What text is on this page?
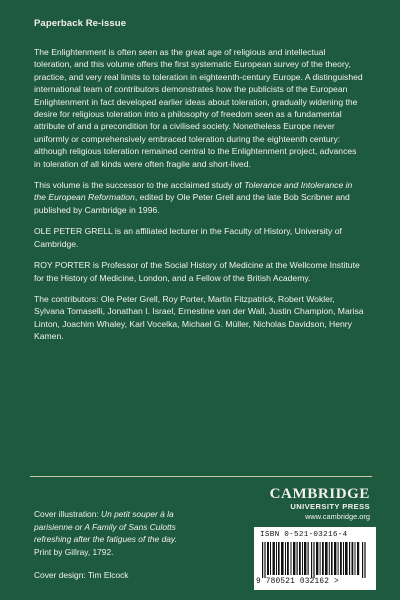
Paperback Re-issue

The Enlightenment is often seen as the great age of religious and intellectual toleration, and this volume offers the first systematic European survey of the theory, practice, and very real limits to toleration in eighteenth-century Europe. A distinguished international team of contributors demonstrates how the publicists of the European Enlightenment in fact developed earlier ideas about toleration, gradually widening the desire for religious toleration into a philosophy of freedom seen as a fundamental attribute of and a precondition for a civilised society. Nonetheless Europe never uniformly or comprehensively embraced toleration during the eighteenth century: although religious toleration remained central to the Enlightenment project, advances in toleration of all kinds were often fragile and short-lived.

This volume is the successor to the acclaimed study of Tolerance and Intolerance in the European Reformation, edited by Ole Peter Grell and the late Bob Scribner and published by Cambridge in 1996.

OLE PETER GRELL is an affiliated lecturer in the Faculty of History, University of Cambridge.

ROY PORTER is Professor of the Social History of Medicine at the Wellcome Institute for the History of Medicine, London, and a Fellow of the British Academy.

The contributors: Ole Peter Grell, Roy Porter, Martin Fitzpatrick, Robert Wokler, Sylvana Tomaselli, Jonathan I. Israel, Ernestine van der Wall, Justin Champion, Marisa Linton, Joachim Whaley, Karl Vocelka, Michael G. Müller, Nicholas Davidson, Henry Kamen.

Cover illustration: Un petit souper à la parisienne or A Family of Sans Culotts refreshing after the fatigues of the day.
Print by Gillray, 1792.
Cover design: Tim Elcock
CAMBRIDGE
UNIVERSITY PRESS
www.cambridge.org
ISBN 0-521-03216-4
9 780521 032162 >
